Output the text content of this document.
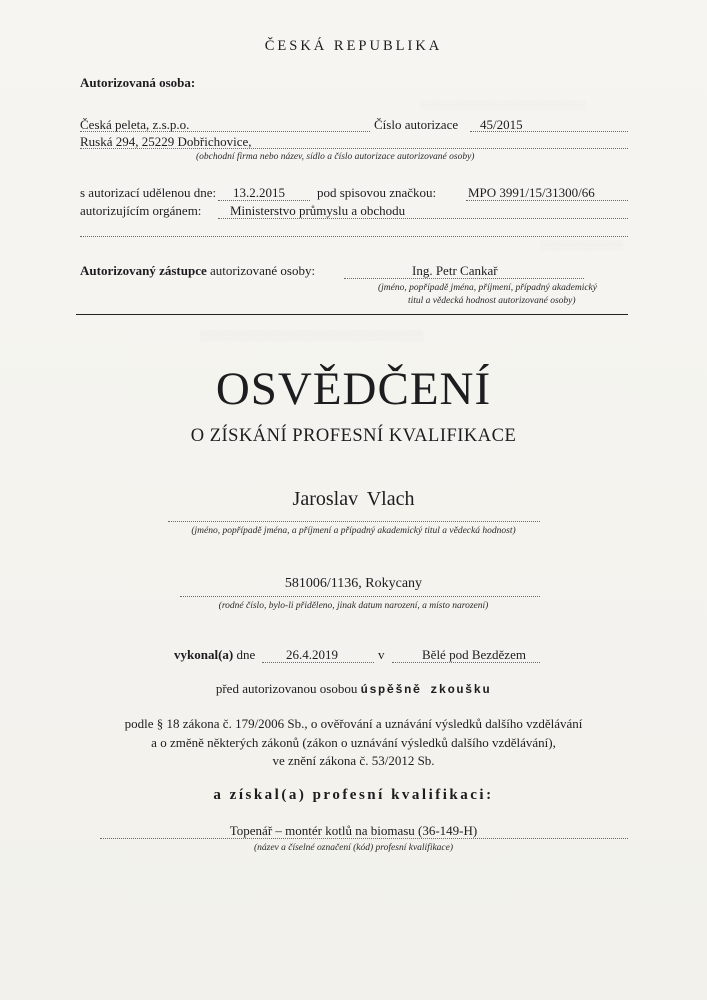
▒▒▒▒▒▒▒▒▒▒▒▒▒▒▒▒▒▒▒▒▒▒▒▒▒▒
▒▒▒▒▒▒▒▒▒▒▒▒▒
▒▒▒▒▒▒▒▒▒▒▒▒▒▒▒▒▒▒▒▒▒▒▒▒▒▒▒▒▒▒▒▒▒▒▒
ČESKÁ REPUBLIKA
Autorizovaná osoba:
Česká peleta, z.s.p.o.	Číslo autorizace 45/2015
Ruská 294, 25229 Dobřichovice,
(obchodní firma nebo název, sídlo a číslo autorizace autorizované osoby)
s autorizací udělenou dne: 13.2.2015 pod spisovou značkou: MPO 3991/15/31300/66
autorizujícím orgánem: Ministerstvo průmyslu a obchodu
Autorizovaný zástupce autorizované osoby:	Ing. Petr Cankař
(jméno, popřípadě jména, příjmení, případný akademický
titul a vědecká hodnost autorizované osoby)
OSVĚDČENÍ
O ZÍSKÁNÍ PROFESNÍ KVALIFIKACE
Jaroslav Vlach
(jméno, popřípadě jména, a příjmení a případný akademický titul a vědecká hodnost)
581006/1136, Rokycany
(rodné číslo, bylo-li přiděleno, jinak datum narození, a místo narození)
vykonal(a) dne 26.4.2019	v	Bělé pod Bezdězem
před autorizovanou osobou úspěšně zkoušku
podle § 18 zákona č. 179/2006 Sb., o ověřování a uznávání výsledků dalšího vzdělávání
a o změně některých zákonů (zákon o uznávání výsledků dalšího vzdělávání),
ve znění zákona č. 53/2012 Sb.
a získal(a) profesní kvalifikaci:
Topenář – montér kotlů na biomasu (36-149-H)
(název a číselné označení (kód) profesní kvalifikace)
